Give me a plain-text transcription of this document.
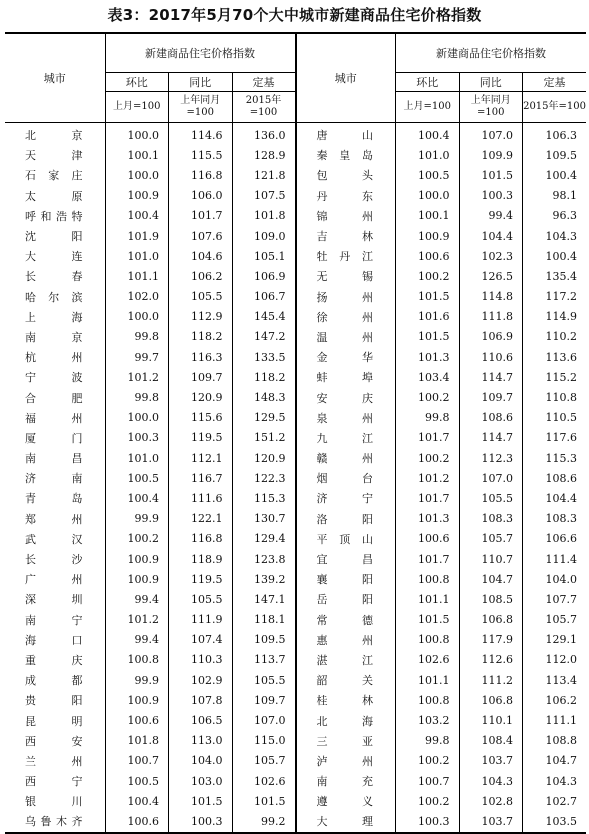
表3：2017年5月70个大中城市新建商品住宅价格指数
城市	新建商品住宅价格指数			城市	新建商品住宅价格指数		
	环比	同比	定基		环比	同比	定基
	上月=100	上年同月=100	2015年=100		上月=100	上年同月=100	2015年=100
北京	100.0	114.6	136.0	唐山	100.4	107.0	106.3
天津	100.1	115.5	128.9	秦皇岛	101.0	109.9	109.5
石家庄	100.0	116.8	121.8	包头	100.5	101.5	100.4
太原	100.9	106.0	107.5	丹东	100.0	100.3	98.1
呼和浩特	100.4	101.7	101.8	锦州	100.1	99.4	96.3
沈阳	101.9	107.6	109.0	吉林	100.9	104.4	104.3
大连	101.0	104.6	105.1	牡丹江	100.6	102.3	100.4
长春	101.1	106.2	106.9	无锡	100.2	126.5	135.4
哈尔滨	102.0	105.5	106.7	扬州	101.5	114.8	117.2
上海	100.0	112.9	145.4	徐州	101.6	111.8	114.9
南京	99.8	118.2	147.2	温州	101.5	106.9	110.2
杭州	99.7	116.3	133.5	金华	101.3	110.6	113.6
宁波	101.2	109.7	118.2	蚌埠	103.4	114.7	115.2
合肥	99.8	120.9	148.3	安庆	100.2	109.7	110.8
福州	100.0	115.6	129.5	泉州	99.8	108.6	110.5
厦门	100.3	119.5	151.2	九江	101.7	114.7	117.6
南昌	101.0	112.1	120.9	赣州	100.2	112.3	115.3
济南	100.5	116.7	122.3	烟台	101.2	107.0	108.6
青岛	100.4	111.6	115.3	济宁	101.7	105.5	104.4
郑州	99.9	122.1	130.7	洛阳	101.3	108.3	108.3
武汉	100.2	116.8	129.4	平顶山	100.6	105.7	106.6
长沙	100.9	118.9	123.8	宜昌	101.7	110.7	111.4
广州	100.9	119.5	139.2	襄阳	100.8	104.7	104.0
深圳	99.4	105.5	147.1	岳阳	101.1	108.5	107.7
南宁	101.2	111.9	118.1	常德	101.5	106.8	105.7
海口	99.4	107.4	109.5	惠州	100.8	117.9	129.1
重庆	100.8	110.3	113.7	湛江	102.6	112.6	112.0
成都	99.9	102.9	105.5	韶关	101.1	111.2	113.4
贵阳	100.9	107.8	109.7	桂林	100.8	106.8	106.2
昆明	100.6	106.5	107.0	北海	103.2	110.1	111.1
西安	101.8	113.0	115.0	三亚	99.8	108.4	108.8
兰州	100.7	104.0	105.7	泸州	100.2	103.7	104.7
西宁	100.5	103.0	102.6	南充	100.7	104.3	104.3
银川	100.4	101.5	101.5	遵义	100.2	102.8	102.7
乌鲁木齐	100.6	100.3	99.2	大理	100.3	103.7	103.5
